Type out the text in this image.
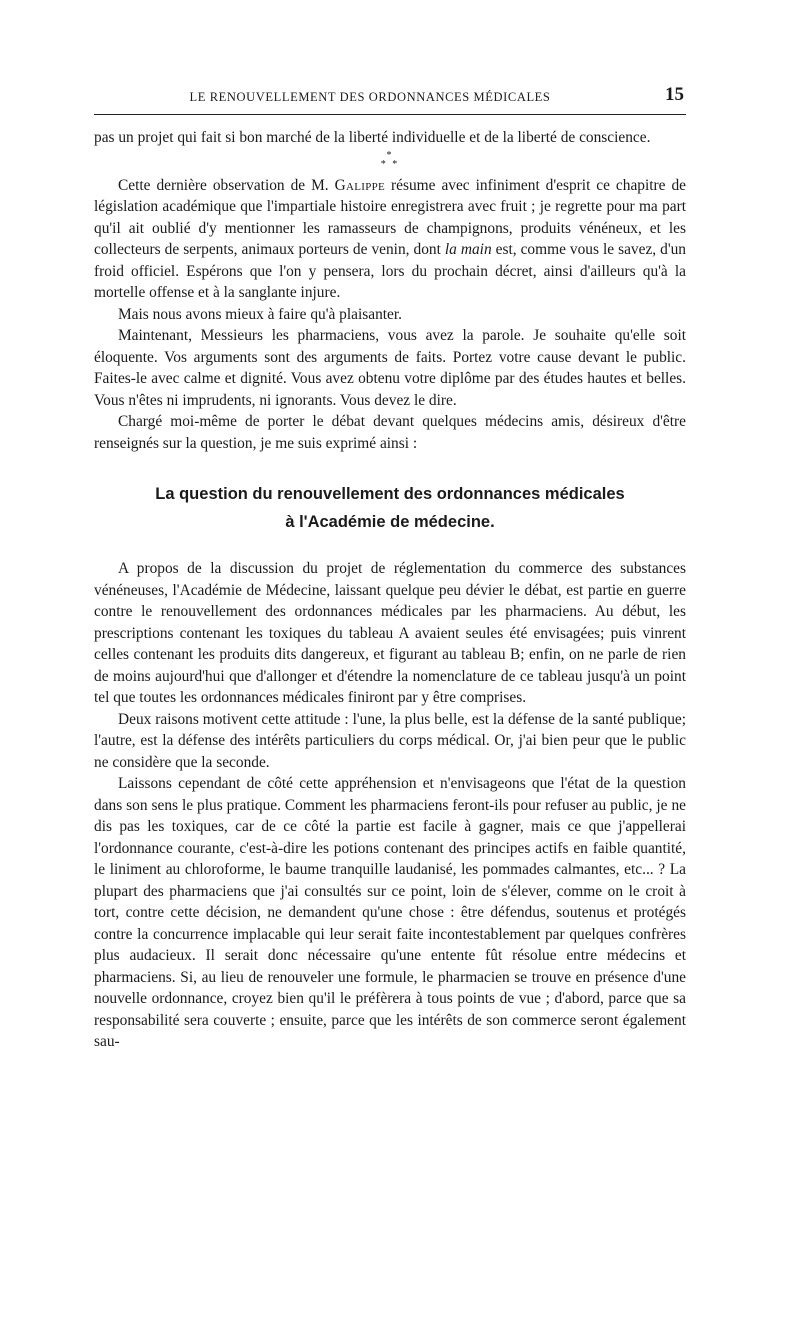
LE RENOUVELLEMENT DES ORDONNANCES MÉDICALES	15

pas un projet qui fait si bon marché de la liberté individuelle et de la liberté de conscience.

*
* *

Cette dernière observation de M. Galippe résume avec infiniment d'esprit ce chapitre de législation académique que l'impartiale histoire enregistrera avec fruit ; je regrette pour ma part qu'il ait oublié d'y mentionner les ramasseurs de champignons, produits vénéneux, et les collecteurs de serpents, animaux porteurs de venin, dont la main est, comme vous le savez, d'un froid officiel. Espérons que l'on y pensera, lors du prochain décret, ainsi d'ailleurs qu'à la mortelle offense et à la sanglante injure.

Mais nous avons mieux à faire qu'à plaisanter.

Maintenant, Messieurs les pharmaciens, vous avez la parole. Je souhaite qu'elle soit éloquente. Vos arguments sont des arguments de faits. Portez votre cause devant le public. Faites-le avec calme et dignité. Vous avez obtenu votre diplôme par des études hautes et belles. Vous n'êtes ni imprudents, ni ignorants. Vous devez le dire.

Chargé moi-même de porter le débat devant quelques médecins amis, désireux d'être renseignés sur la question, je me suis exprimé ainsi :

La question du renouvellement des ordonnances médicales
à l'Académie de médecine.

A propos de la discussion du projet de réglementation du commerce des substances vénéneuses, l'Académie de Médecine, laissant quelque peu dévier le débat, est partie en guerre contre le renouvellement des ordonnances médicales par les pharmaciens. Au début, les prescriptions contenant les toxiques du tableau A avaient seules été envisagées; puis vinrent celles contenant les produits dits dangereux, et figurant au tableau B; enfin, on ne parle de rien de moins aujourd'hui que d'allonger et d'étendre la nomenclature de ce tableau jusqu'à un point tel que toutes les ordonnances médicales finiront par y être comprises.

Deux raisons motivent cette attitude : l'une, la plus belle, est la défense de la santé publique; l'autre, est la défense des intérêts particuliers du corps médical. Or, j'ai bien peur que le public ne considère que la seconde.

Laissons cependant de côté cette appréhension et n'envisageons que l'état de la question dans son sens le plus pratique. Comment les pharmaciens feront-ils pour refuser au public, je ne dis pas les toxiques, car de ce côté la partie est facile à gagner, mais ce que j'appellerai l'ordonnance courante, c'est-à-dire les potions contenant des principes actifs en faible quantité, le liniment au chloroforme, le baume tranquille laudanisé, les pommades calmantes, etc... ? La plupart des pharmaciens que j'ai consultés sur ce point, loin de s'élever, comme on le croit à tort, contre cette décision, ne demandent qu'une chose : être défendus, soutenus et protégés contre la concurrence implacable qui leur serait faite incontestablement par quelques confrères plus audacieux. Il serait donc nécessaire qu'une entente fût résolue entre médecins et pharmaciens. Si, au lieu de renouveler une formule, le pharmacien se trouve en présence d'une nouvelle ordonnance, croyez bien qu'il le préfèrera à tous points de vue ; d'abord, parce que sa responsabilité sera couverte ; ensuite, parce que les intérêts de son commerce seront également sau-
